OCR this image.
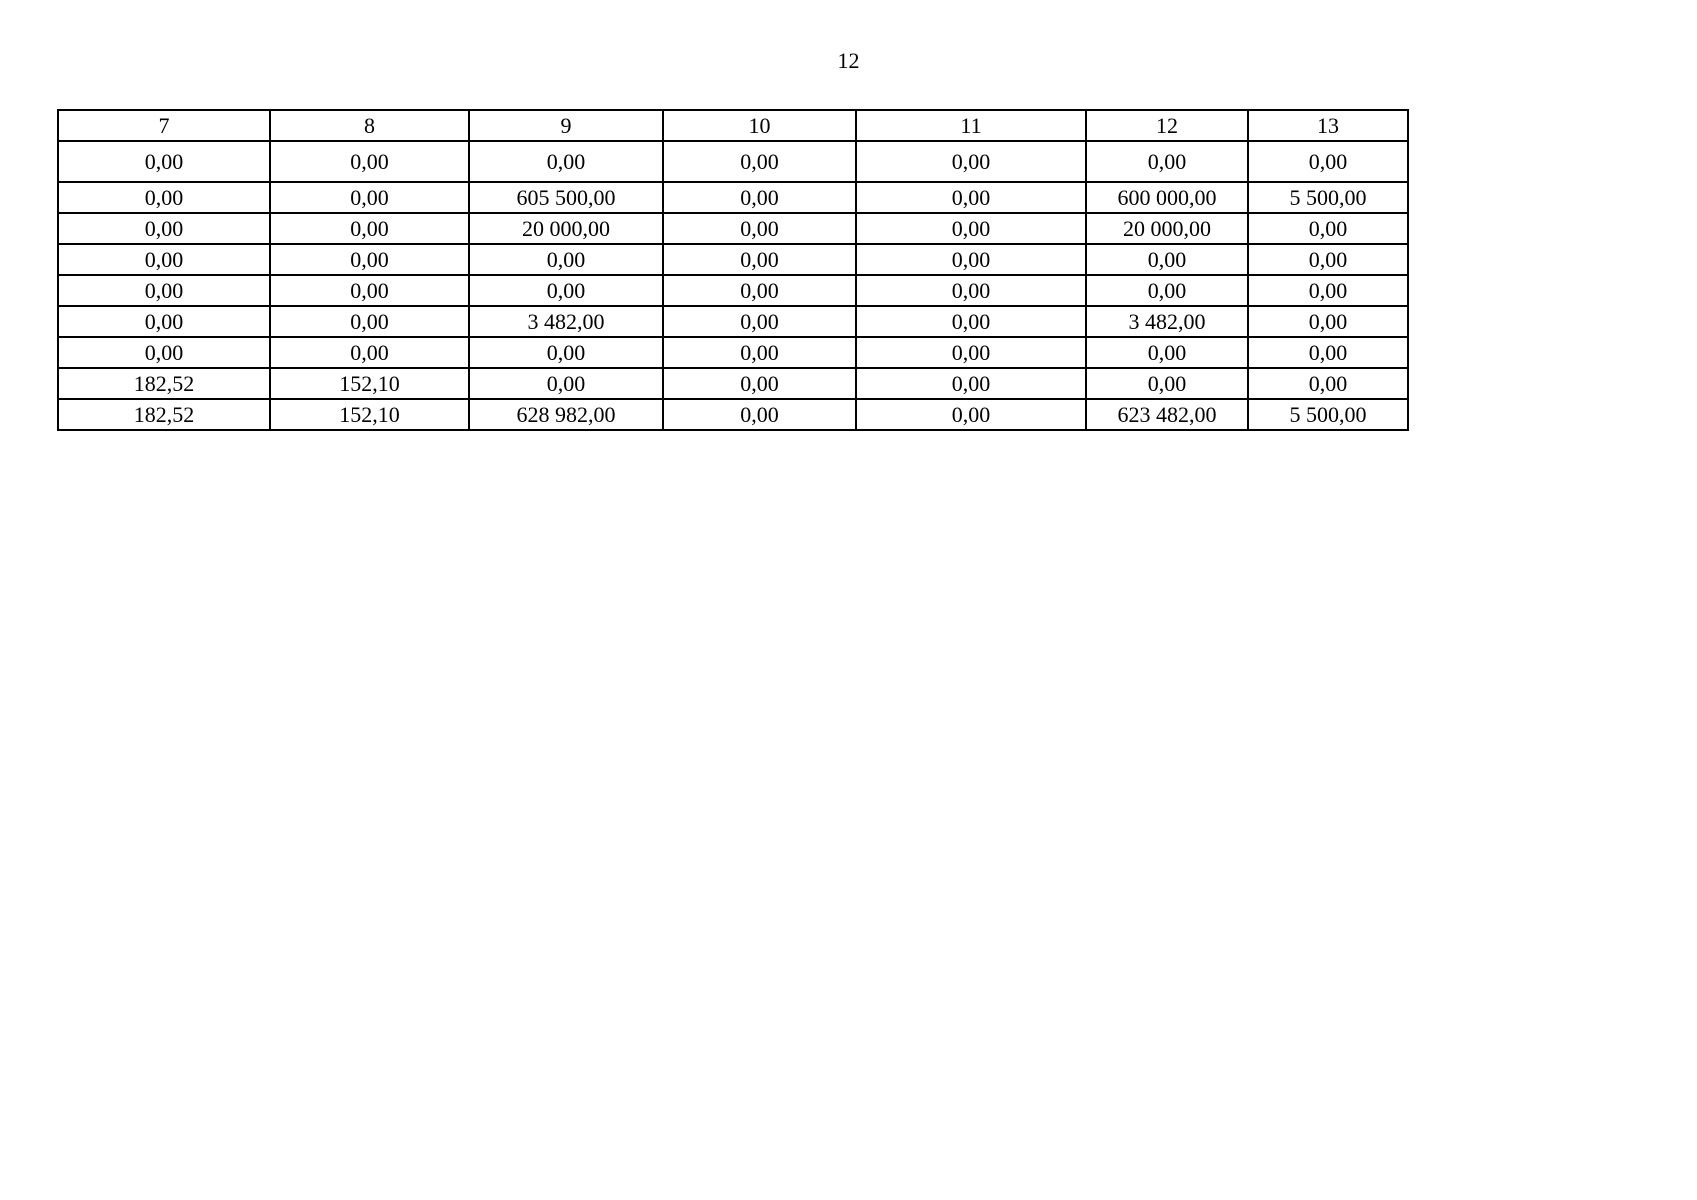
12
7	8	9	10	11	12	13
0,00	0,00	0,00	0,00	0,00	0,00	0,00
0,00	0,00	605 500,00	0,00	0,00	600 000,00	5 500,00
0,00	0,00	20 000,00	0,00	0,00	20 000,00	0,00
0,00	0,00	0,00	0,00	0,00	0,00	0,00
0,00	0,00	0,00	0,00	0,00	0,00	0,00
0,00	0,00	3 482,00	0,00	0,00	3 482,00	0,00
0,00	0,00	0,00	0,00	0,00	0,00	0,00
182,52	152,10	0,00	0,00	0,00	0,00	0,00
182,52	152,10	628 982,00	0,00	0,00	623 482,00	5 500,00
